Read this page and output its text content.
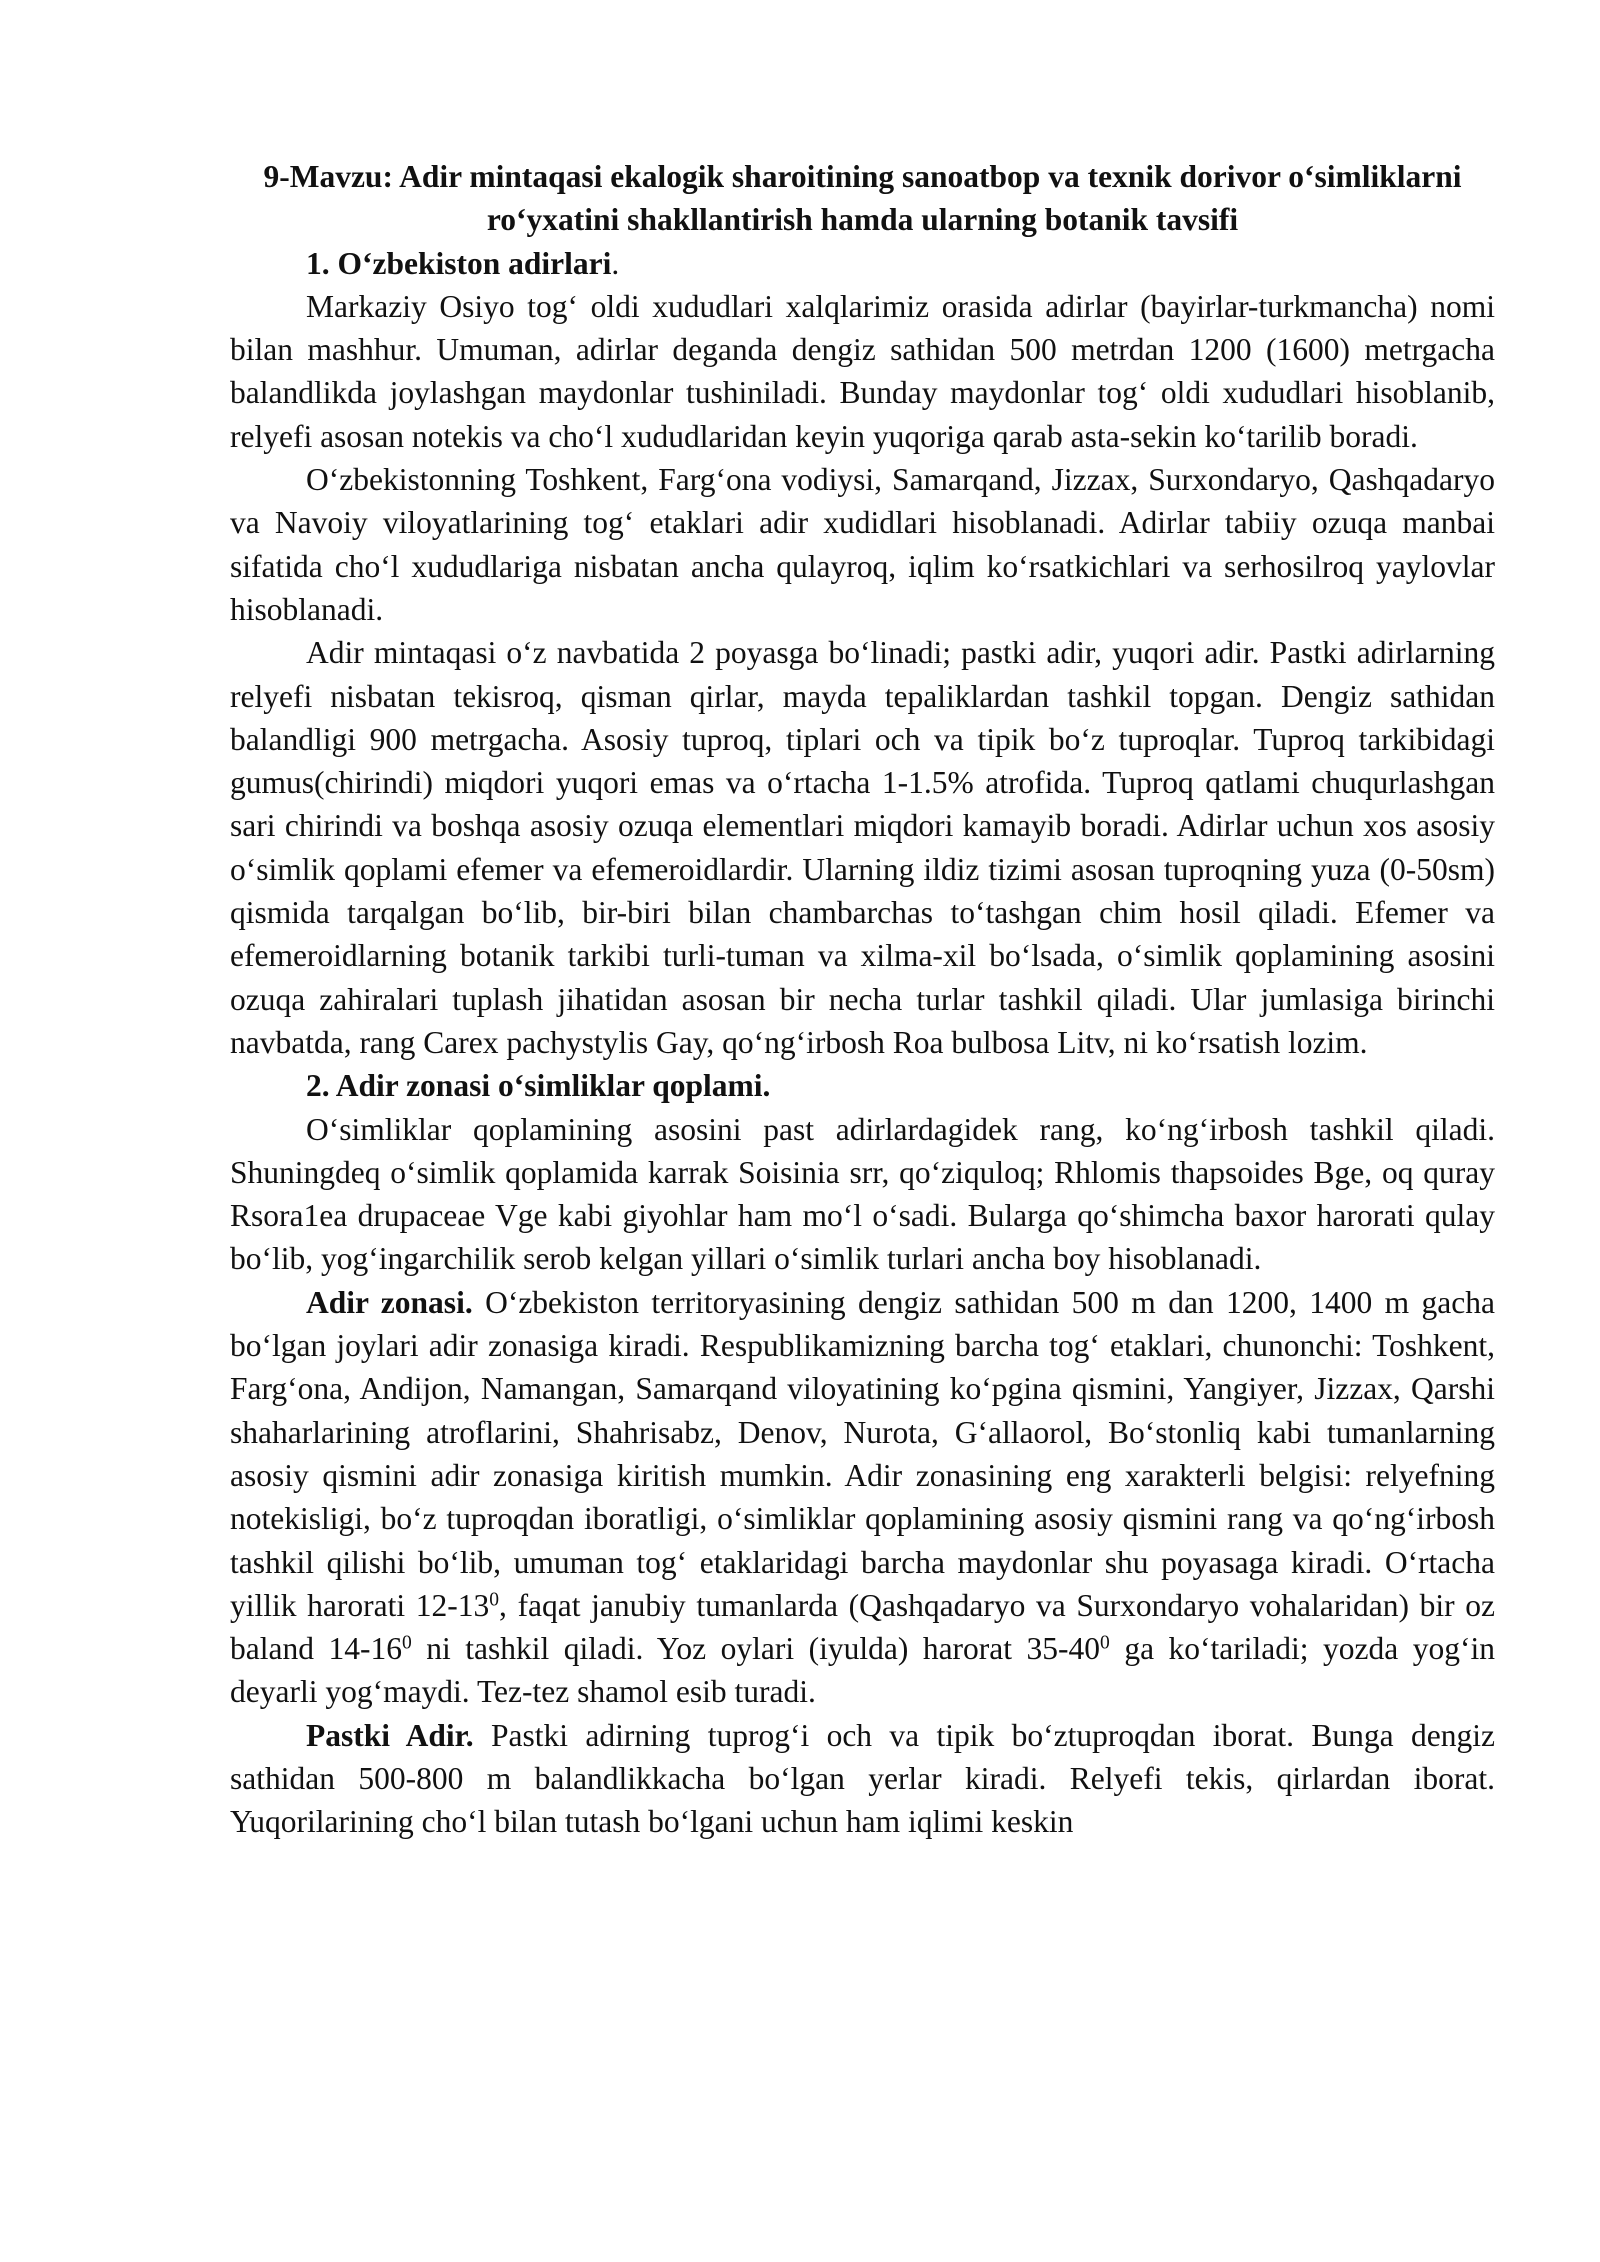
9-Mavzu: Adir mintaqasi ekalogik sharoitining sanoatbop va texnik dorivor o‘simliklarni ro‘yxatini shakllantirish hamda ularning botanik tavsifi
1. O‘zbekiston adirlari.

Markaziy Osiyo tog‘ oldi xududlari xalqlarimiz orasida adirlar (bayirlar-turkmancha) nomi bilan mashhur. Umuman, adirlar deganda dengiz sathidan 500 metrdan 1200 (1600) metrgacha balandlikda joylashgan maydonlar tushiniladi. Bunday maydonlar tog‘ oldi xududlari hisoblanib, relyefi asosan notekis va cho‘l xududlaridan keyin yuqoriga qarab asta-sekin ko‘tarilib boradi.

O‘zbekistonning Toshkent, Farg‘ona vodiysi, Samarqand, Jizzax, Surxondaryo, Qashqadaryo va Navoiy viloyatlarining tog‘ etaklari adir xudidlari hisoblanadi. Adirlar tabiiy ozuqa manbai sifatida cho‘l xududlariga nisbatan ancha qulayroq, iqlim ko‘rsatkichlari va serhosilroq yaylovlar hisoblanadi.

Adir mintaqasi o‘z navbatida 2 poyasga bo‘linadi; pastki adir, yuqori adir. Pastki adirlarning relyefi nisbatan tekisroq, qisman qirlar, mayda tepaliklardan tashkil topgan. Dengiz sathidan balandligi 900 metrgacha. Asosiy tuproq, tiplari och va tipik bo‘z tuproqlar. Tuproq tarkibidagi gumus(chirindi) miqdori yuqori emas va o‘rtacha 1-1.5% atrofida. Tuproq qatlami chuqurlashgan sari chirindi va boshqa asosiy ozuqa elementlari miqdori kamayib boradi. Adirlar uchun xos asosiy o‘simlik qoplami efemer va efemeroidlardir. Ularning ildiz tizimi asosan tuproqning yuza (0-50sm) qismida tarqalgan bo‘lib, bir-biri bilan chambarchas to‘tashgan chim hosil qiladi. Efemer va efemeroidlarning botanik tarkibi turli-tuman va xilma-xil bo‘lsada, o‘simlik qoplamining asosini ozuqa zahiralari tuplash jihatidan asosan bir necha turlar tashkil qiladi. Ular jumlasiga birinchi navbatda, rang Carex pachystylis Gay, qo‘ng‘irbosh Roa bulbosa Litv, ni ko‘rsatish lozim.

2. Adir zonasi o‘simliklar qoplami.

O‘simliklar qoplamining asosini past adirlardagidek rang, ko‘ng‘irbosh tashkil qiladi. Shuningdeq o‘simlik qoplamida karrak Soisinia srr, qo‘ziquloq; Rhlomis thapsoides Bge, oq quray Rsora1ea drupaceae Vge kabi giyohlar ham mo‘l o‘sadi. Bularga qo‘shimcha baxor harorati qulay bo‘lib, yog‘ingarchilik serob kelgan yillari o‘simlik turlari ancha boy hisoblanadi.

Adir zonasi. O‘zbekiston territoryasining dengiz sathidan 500 m dan 1200, 1400 m gacha bo‘lgan joylari adir zonasiga kiradi. Respublikamizning barcha tog‘ etaklari, chunonchi: Toshkent, Farg‘ona, Andijon, Namangan, Samarqand viloyatining ko‘pgina qismini, Yangiyer, Jizzax, Qarshi shaharlarining atroflarini, Shahrisabz, Denov, Nurota, G‘allaorol, Bo‘stonliq kabi tumanlarning asosiy qismini adir zonasiga kiritish mumkin. Adir zonasining eng xarakterli belgisi: relyefning notekisligi, bo‘z tuproqdan iboratligi, o‘simliklar qoplamining asosiy qismini rang va qo‘ng‘irbosh tashkil qilishi bo‘lib, umuman tog‘ etaklaridagi barcha maydonlar shu poyasaga kiradi. O‘rtacha yillik harorati $12-13^0$, faqat janubiy tumanlarda (Qashqadaryo va Surxondaryo vohalaridan) bir oz baland $14-16^0$ ni tashkil qiladi. Yoz oylari (iyulda) harorat $35-40^0$ ga ko‘tariladi; yozda yog‘in deyarli yog‘maydi. Tez-tez shamol esib turadi.

Pastki Adir. Pastki adirning tuprog‘i och va tipik bo‘ztuproqdan iborat. Bunga dengiz sathidan 500-800 m balandlikkacha bo‘lgan yerlar kiradi. Relyefi tekis, qirlardan iborat. Yuqorilarining cho‘l bilan tutash bo‘lgani uchun ham iqlimi keskin
